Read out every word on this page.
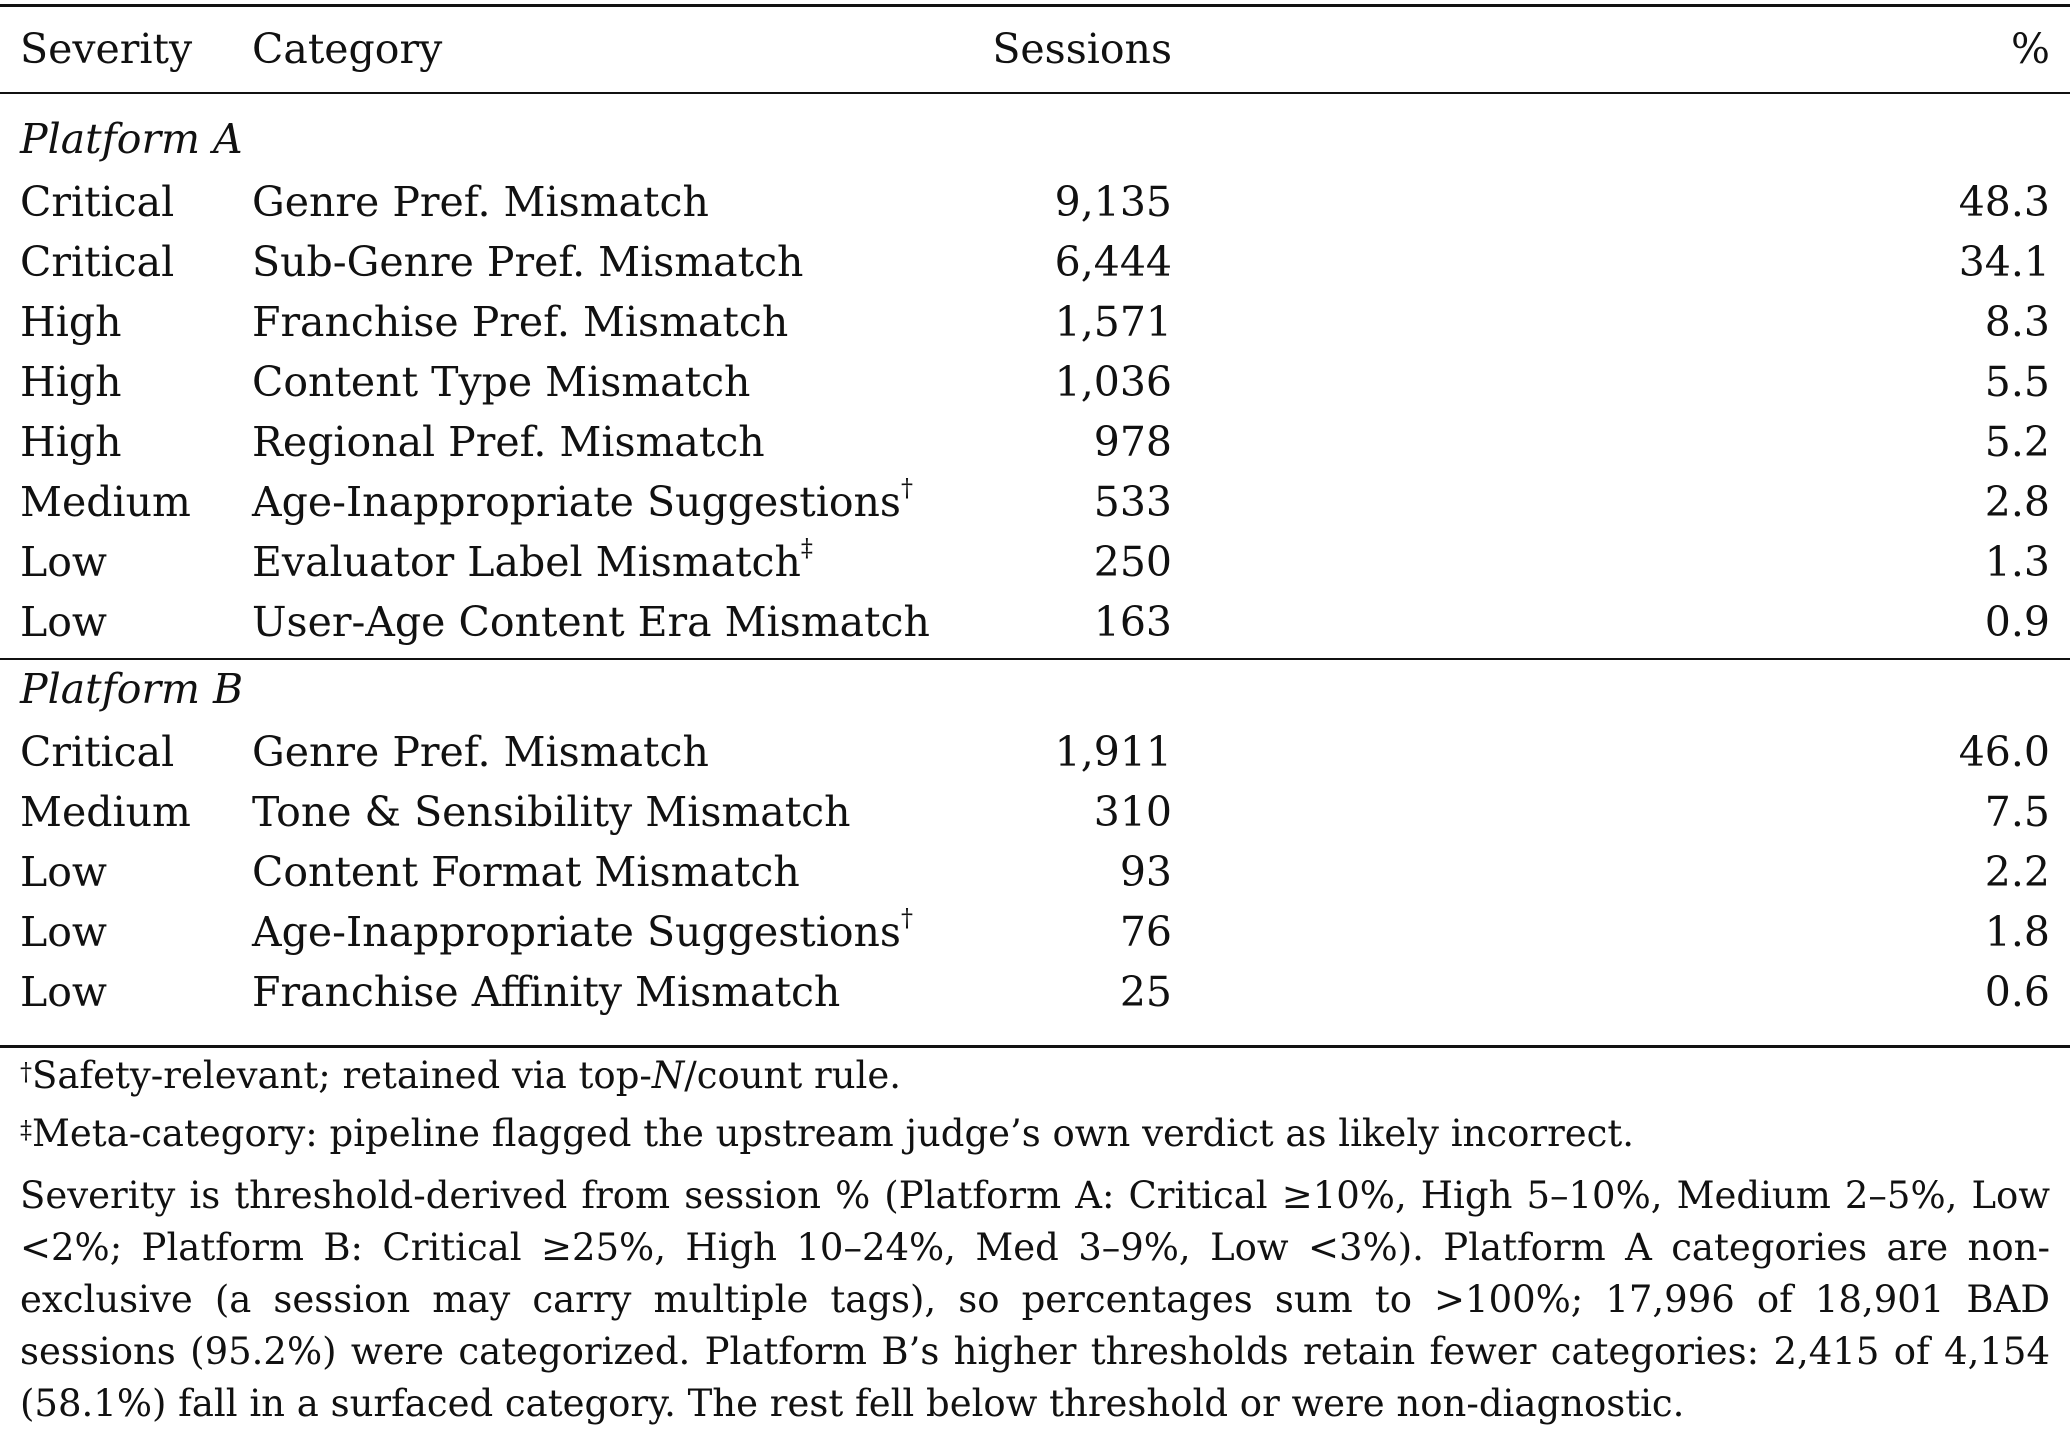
Severity	Category	Sessions	%
Platform A			
Critical	Genre Pref. Mismatch	9,135	48.3
Critical	Sub-Genre Pref. Mismatch	6,444	34.1
High	Franchise Pref. Mismatch	1,571	8.3
High	Content Type Mismatch	1,036	5.5
High	Regional Pref. Mismatch	978	5.2
Medium	Age-Inappropriate Suggestions†	533	2.8
Low	Evaluator Label Mismatch‡	250	1.3
Low	User-Age Content Era Mismatch	163	0.9
Platform B			
Critical	Genre Pref. Mismatch	1,911	46.0
Medium	Tone & Sensibility Mismatch	310	7.5
Low	Content Format Mismatch	93	2.2
Low	Age-Inappropriate Suggestions†	76	1.8
Low	Franchise Affinity Mismatch	25	0.6
†Safety-relevant; retained via top-N/count rule.
‡Meta-category: pipeline flagged the upstream judge’s own verdict as likely incorrect.
Severity is threshold-derived from session % (Platform A: Critical ≥10%, High 5–10%, Medium 2–5%, Low <2%; Platform B: Critical ≥25%, High 10–24%, Med 3–9%, Low <3%). Platform A categories are non-exclusive (a session may carry multiple tags), so percentages sum to >100%; 17,996 of 18,901 BAD sessions (95.2%) were categorized. Platform B’s higher thresholds retain fewer categories: 2,415 of 4,154 (58.1%) fall in a surfaced category. The rest fell below threshold or were non-diagnostic.
